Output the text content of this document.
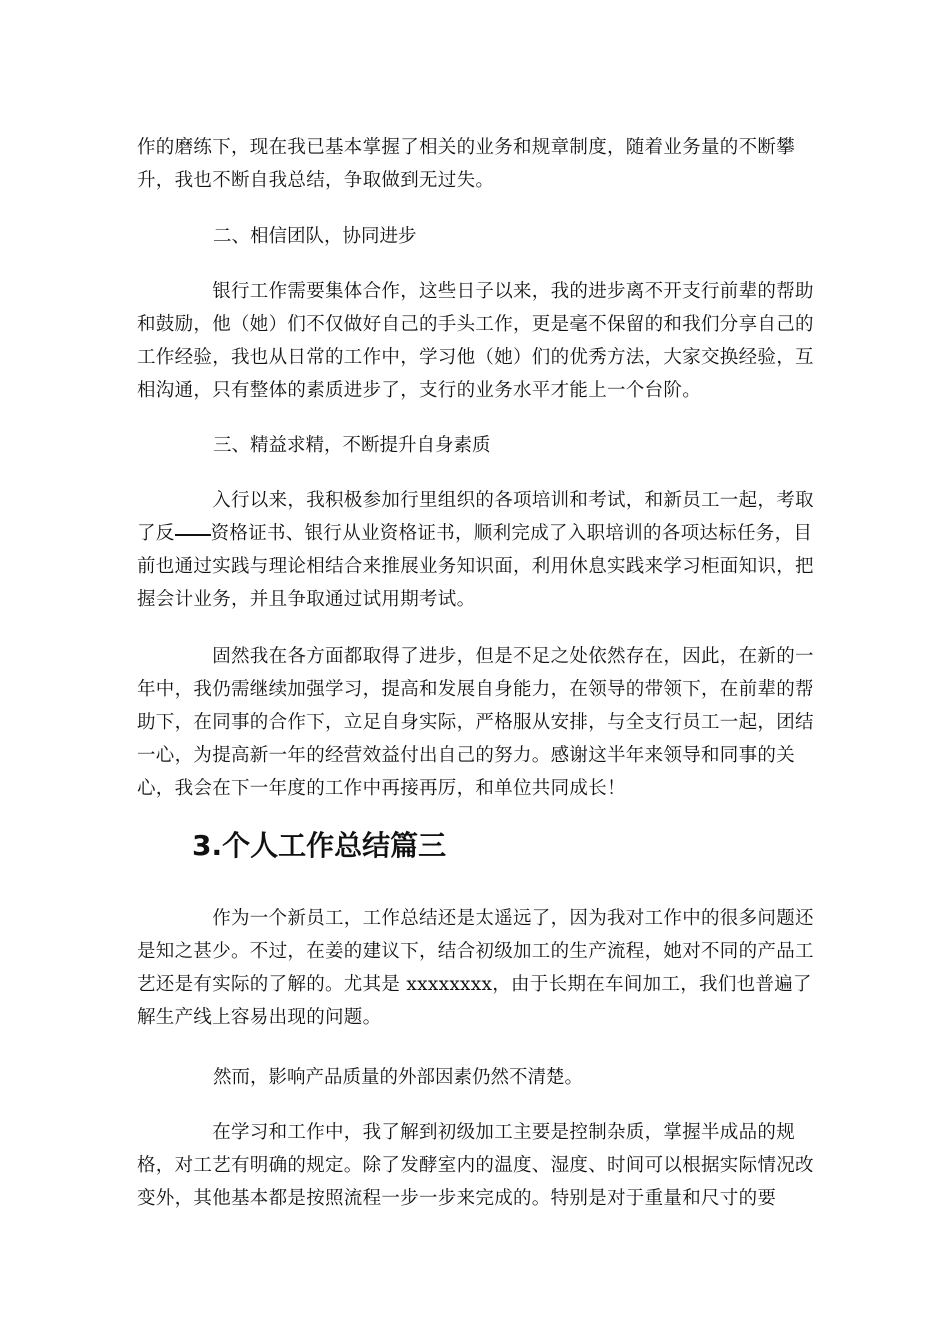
作的磨练下，现在我已基本掌握了相关的业务和规章制度，随着业务量的不断攀升，我也不断自我总结，争取做到无过失。

二、相信团队，协同进步

　　　　银行工作需要集体合作，这些日子以来，我的进步离不开支行前辈的帮助和鼓励，他（她）们不仅做好自己的手头工作，更是毫不保留的和我们分享自己的工作经验，我也从日常的工作中，学习他（她）们的优秀方法，大家交换经验，互相沟通，只有整体的素质进步了，支行的业务水平才能上一个台阶。

三、精益求精，不断提升自身素质

　　　　入行以来，我积极参加行里组织的各项培训和考试，和新员工一起，考取了反 资格证书、银行从业资格证书，顺利完成了入职培训的各项达标任务，目前也通过实践与理论相结合来推展业务知识面，利用休息实践来学习柜面知识，把握会计业务，并且争取通过试用期考试。

　　　　固然我在各方面都取得了进步，但是不足之处依然存在，因此，在新的一年中，我仍需继续加强学习，提高和发展自身能力，在领导的带领下，在前辈的帮助下，在同事的合作下，立足自身实际，严格服从安排，与全支行员工一起，团结一心，为提高新一年的经营效益付出自己的努力。感谢这半年来领导和同事的关心，我会在下一年度的工作中再接再厉，和单位共同成长！

3.个人工作总结篇三

　　　　作为一个新员工，工作总结还是太遥远了，因为我对工作中的很多问题还是知之甚少。不过，在姜的建议下，结合初级加工的生产流程，她对不同的产品工艺还是有实际的了解的。尤其是 xxxxxxxx，由于长期在车间加工，我们也普遍了解生产线上容易出现的问题。

然而，影响产品质量的外部因素仍然不清楚。

　　　　在学习和工作中，我了解到初级加工主要是控制杂质，掌握半成品的规格，对工艺有明确的规定。除了发酵室内的温度、湿度、时间可以根据实际情况改变外，其他基本都是按照流程一步一步来完成的。特别是对于重量和尺寸的要
